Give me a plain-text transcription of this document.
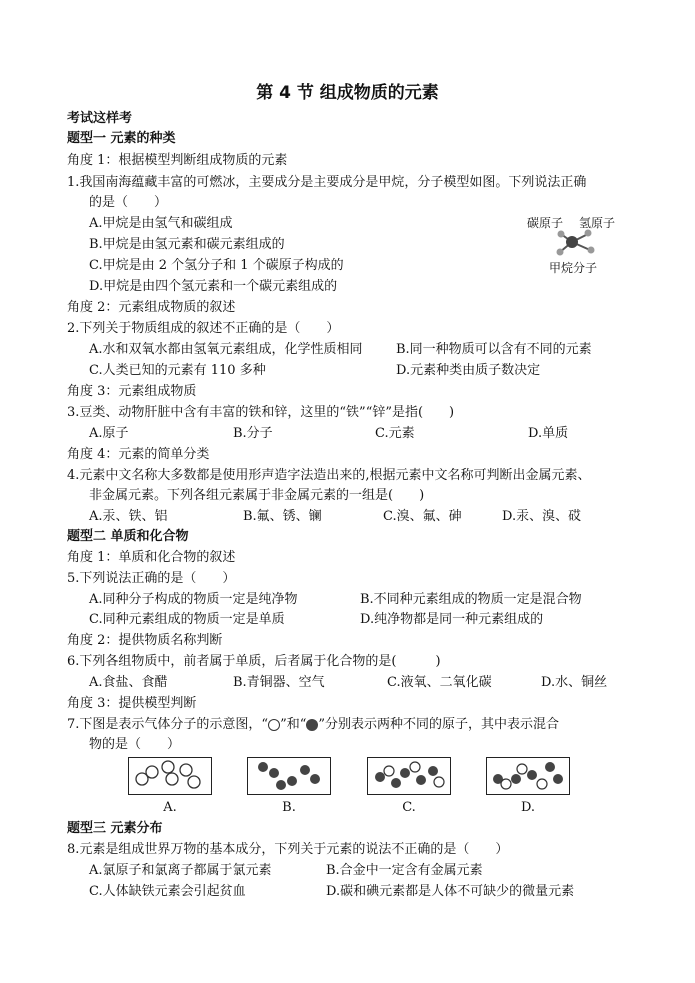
第 4 节 组成物质的元素
考试这样考
题型一 元素的种类
角度 1：根据模型判断组成物质的元素
1.我国南海蕴藏丰富的可燃冰，主要成分是主要成分是甲烷，分子模型如图。下列说法正确
的是（　　）
A.甲烷是由氢气和碳组成
B.甲烷是由氢元素和碳元素组成的
C.甲烷是由 2 个氢分子和 1 个碳原子构成的
D.甲烷是由四个氢元素和一个碳元素组成的
碳原子 氢原子
甲烷分子
角度 2：元素组成物质的叙述
2.下列关于物质组成的叙述不正确的是（　　）
A.水和双氧水都由氢氧元素组成，化学性质相同	B.同一种物质可以含有不同的元素
C.人类已知的元素有 110 多种	D.元素种类由质子数决定
角度 3：元素组成物质
3.豆类、动物肝脏中含有丰富的铁和锌，这里的“铁”“锌”是指(　　)
A.原子	B.分子	C.元素	D.单质
角度 4：元素的简单分类
4.元素中文名称大多数都是使用形声造字法造出来的,根据元素中文名称可判断出金属元素、
非金属元素。下列各组元素属于非金属元素的一组是(　　)
A.汞、铁、铝	B.氟、锈、镧	C.溴、氟、砷	D.汞、溴、砹
题型二 单质和化合物
角度 1：单质和化合物的叙述
5.下列说法正确的是（　　）
A.同种分子构成的物质一定是纯净物	B.不同种元素组成的物质一定是混合物
C.同种元素组成的物质一定是单质	D.纯净物都是同一种元素组成的
角度 2：提供物质名称判断
6.下列各组物质中，前者属于单质，后者属于化合物的是(　　　)
A.食盐、食醋	B.青铜器、空气	C.液氧、二氧化碳	D.水、铜丝
角度 3：提供模型判断
7.下图是表示气体分子的示意图，“ ”和“ ”分别表示两种不同的原子，其中表示混合
物的是（　　）
A.	B.	C.	D.
题型三 元素分布
8.元素是组成世界万物的基本成分，下列关于元素的说法不正确的是（　　）
A.氯原子和氯离子都属于氯元素	B.合金中一定含有金属元素
C.人体缺铁元素会引起贫血	D.碳和碘元素都是人体不可缺少的微量元素
